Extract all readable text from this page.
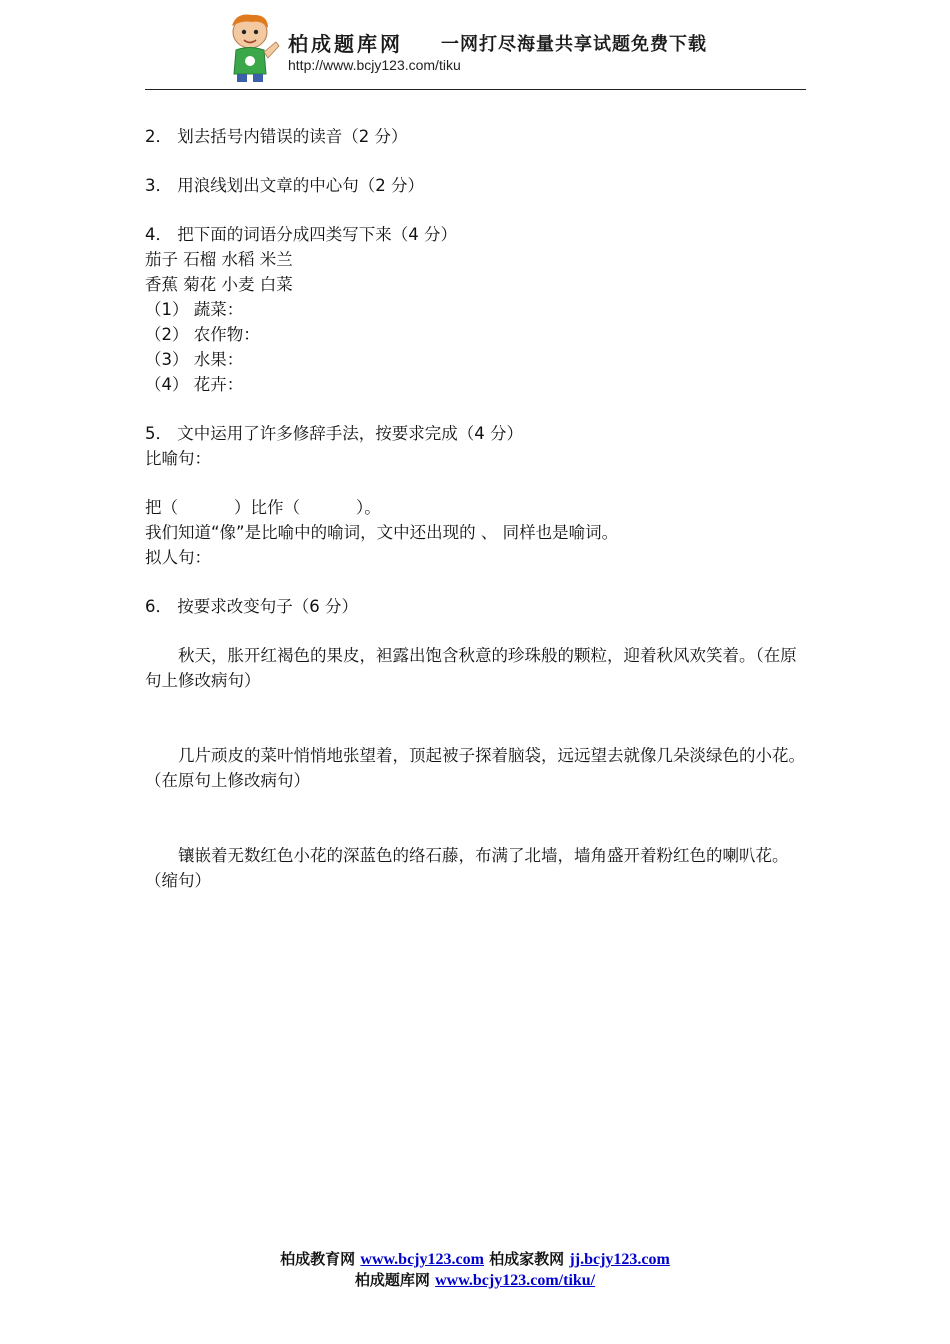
柏成题库网 一网打尽海量共享试题免费下载
http://www.bcjy123.com/tiku

2． 划去括号内错误的读音（2 分）

3． 用浪线划出文章的中心句（2 分）

4． 把下面的词语分成四类写下来（4 分）

茄子 石榴 水稻 米兰

香蕉 菊花 小麦 白菜

（1） 蔬菜：

（2） 农作物：

（3） 水果：

（4） 花卉：

5． 文中运用了许多修辞手法，按要求完成（4 分）

比喻句：

把（	）比作（	）。

我们知道“像”是比喻中的喻词，文中还出现的 、 同样也是喻词。

拟人句：

6． 按要求改变句子（6 分）

秋天，胀开红褐色的果皮，袒露出饱含秋意的珍珠般的颗粒，迎着秋风欢笑着。（在原句上修改病句）

几片顽皮的菜叶悄悄地张望着，顶起被子探着脑袋，远远望去就像几朵淡绿色的小花。（在原句上修改病句）

镶嵌着无数红色小花的深蓝色的络石藤，布满了北墙，墙角盛开着粉红色的喇叭花。（缩句）

柏成教育网 www.bcjy123.com 柏成家教网 jj.bcjy123.com
柏成题库网 www.bcjy123.com/tiku/
